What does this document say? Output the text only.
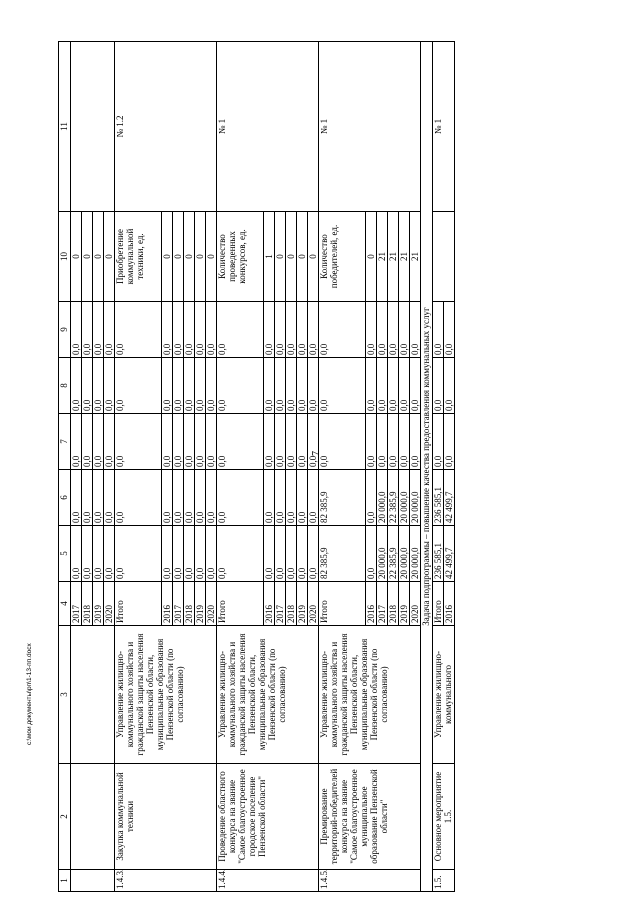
7
c:\мои документы\рп\1-13-пп.docx
1	2	3	4	5	6	7	8	9	10	11
			2017	0,0	0,0	0,0	0,0	0,0	0	
			2018	0,0	0,0	0,0	0,0	0,0	0	
			2019	0,0	0,0	0,0	0,0	0,0	0	
			2020	0,0	0,0	0,0	0,0	0,0	0	
1.4.3.	Закупка коммунальной техники	Управление жилищно-коммунального хозяйства и гражданской защиты населения Пензенской области, муниципальные образования Пензенской области (по согласованию)	Итого	0,0	0,0	0,0	0,0	0,0	Приобретение коммунальной техники, ед.	№ 1.2
			2016	0,0	0,0	0,0	0,0	0,0	0	
			2017	0,0	0,0	0,0	0,0	0,0	0	
			2018	0,0	0,0	0,0	0,0	0,0	0	
			2019	0,0	0,0	0,0	0,0	0,0	0	
			2020	0,0	0,0	0,0	0,0	0,0	0	
1.4.4.	Проведение областного конкурса на звание "Самое благоустроенное городское поселение Пензенской области"	Управление жилищно-коммунального хозяйства и гражданской защиты населения Пензенской области, муниципальные образования Пензенской области (по согласованию)	Итого	0,0	0,0	0,0	0,0	0,0	Количество проведенных конкурсов, ед.	№ 1
			2016	0,0	0,0	0,0	0,0	0,0	1	
			2017	0,0	0,0	0,0	0,0	0,0	0	
			2018	0,0	0,0	0,0	0,0	0,0	0	
			2019	0,0	0,0	0,0	0,0	0,0	0	
			2020	0,0	0,0	0,0	0,0	0,0	0	
1.4.5.	Премирование территорий-победителей конкурса на звание "Самое благоустроенное муниципальное образование Пензенской области"	Управление жилищно-коммунального хозяйства и гражданской защиты населения Пензенской области, муниципальные образования Пензенской области (по согласованию)	Итого	82 385,9	82 385,9	0,0	0,0	0,0	Количество победителей, ед.	№ 1
			2016	0,0	0,0	0,0	0,0	0,0	0	
			2017	20 000,0	20 000,0	0,0	0,0	0,0	21	
			2018	22 385,9	22 385,9	0,0	0,0	0,0	21	
			2019	20 000,0	20 000,0	0,0	0,0	0,0	21	
			2020	20 000,0	20 000,0	0,0	0,0	0,0	21	
Задача подпрограммы – повышение качества предоставления коммунальных услуг										
1.5.	Основное мероприятие 1.5.	Управление жилищно-коммунального	Итого	236 585,1	236 585,1	0,0	0,0	0,0		№ 1
			2016	42 499,7	42 499,7	0,0	0,0	0,0		
